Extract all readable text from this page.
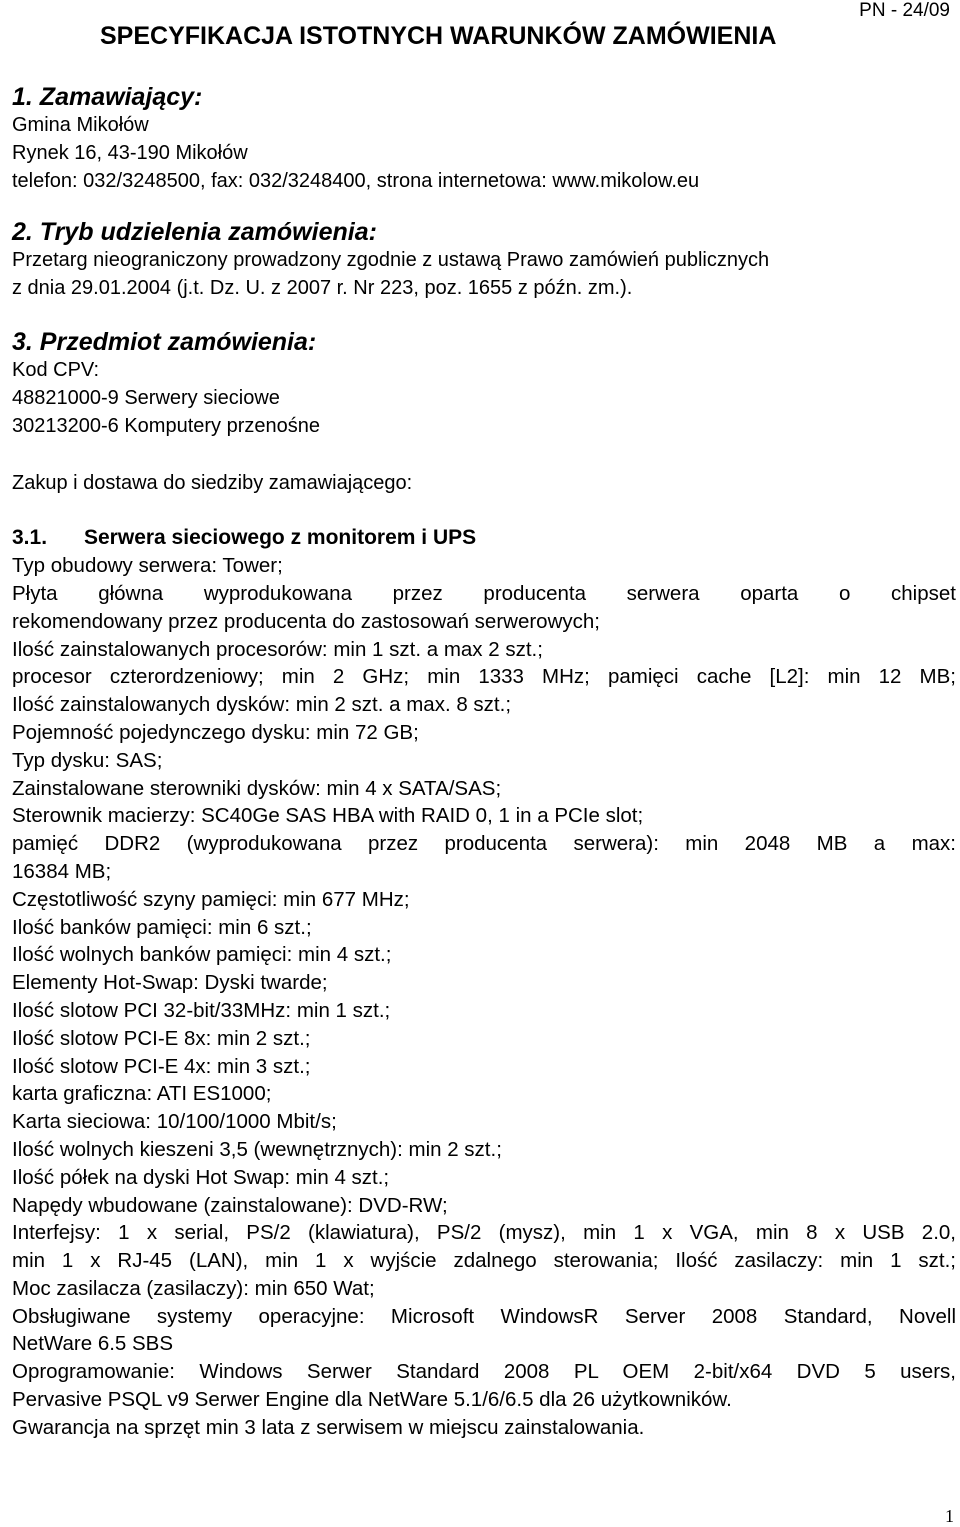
PN - 24/09
SPECYFIKACJA ISTOTNYCH WARUNKÓW ZAMÓWIENIA
1. Zamawiający:

Gmina Mikołów

Rynek 16, 43-190 Mikołów

telefon: 032/3248500, fax: 032/3248400, strona internetowa: www.mikolow.eu

2. Tryb udzielenia zamówienia:

Przetarg nieograniczony prowadzony zgodnie z ustawą Prawo zamówień publicznych

z dnia 29.01.2004 (j.t. Dz. U. z 2007 r. Nr 223, poz. 1655 z późn. zm.).

3. Przedmiot zamówienia:

Kod CPV:

48821000-9 Serwery sieciowe

30213200-6 Komputery przenośne

Zakup i dostawa do siedziby zamawiającego:

3.1. Serwera sieciowego z monitorem i UPS

Typ obudowy serwera: Tower;

Płyta główna wyprodukowana przez producenta serwera oparta o chipset

rekomendowany przez producenta do zastosowań serwerowych;

Ilość zainstalowanych procesorów: min 1 szt. a max 2 szt.;

procesor czterordzeniowy; min 2 GHz; min 1333 MHz; pamięci cache [L2]: min 12 MB;

Ilość zainstalowanych dysków: min 2 szt. a max. 8 szt.;

Pojemność pojedynczego dysku: min 72 GB;

Typ dysku: SAS;

Zainstalowane sterowniki dysków: min 4 x SATA/SAS;

Sterownik macierzy: SC40Ge SAS HBA with RAID 0, 1 in a PCIe slot;

pamięć DDR2 (wyprodukowana przez producenta serwera): min 2048 MB a max:

16384 MB;

Częstotliwość szyny pamięci: min 677 MHz;

Ilość banków pamięci: min 6 szt.;

Ilość wolnych banków pamięci: min 4 szt.;

Elementy Hot-Swap: Dyski twarde;

Ilość slotow PCI 32-bit/33MHz: min 1 szt.;

Ilość slotow PCI-E 8x: min 2 szt.;

Ilość slotow PCI-E 4x: min 3 szt.;

karta graficzna: ATI ES1000;

Karta sieciowa: 10/100/1000 Mbit/s;

Ilość wolnych kieszeni 3,5 (wewnętrznych): min 2 szt.;

Ilość półek na dyski Hot Swap: min 4 szt.;

Napędy wbudowane (zainstalowane): DVD-RW;

Interfejsy: 1 x serial, PS/2 (klawiatura), PS/2 (mysz), min 1 x VGA, min 8 x USB 2.0,

min 1 x RJ-45 (LAN), min 1 x wyjście zdalnego sterowania; Ilość zasilaczy: min 1 szt.;

Moc zasilacza (zasilaczy): min 650 Wat;

Obsługiwane systemy operacyjne: Microsoft WindowsR Server 2008 Standard, Novell

NetWare 6.5 SBS

Oprogramowanie: Windows Serwer Standard 2008 PL OEM 2-bit/x64 DVD 5 users,

Pervasive PSQL v9 Serwer Engine dla NetWare 5.1/6/6.5 dla 26 użytkowników.

Gwarancja na sprzęt min 3 lata z serwisem w miejscu zainstalowania.

1
